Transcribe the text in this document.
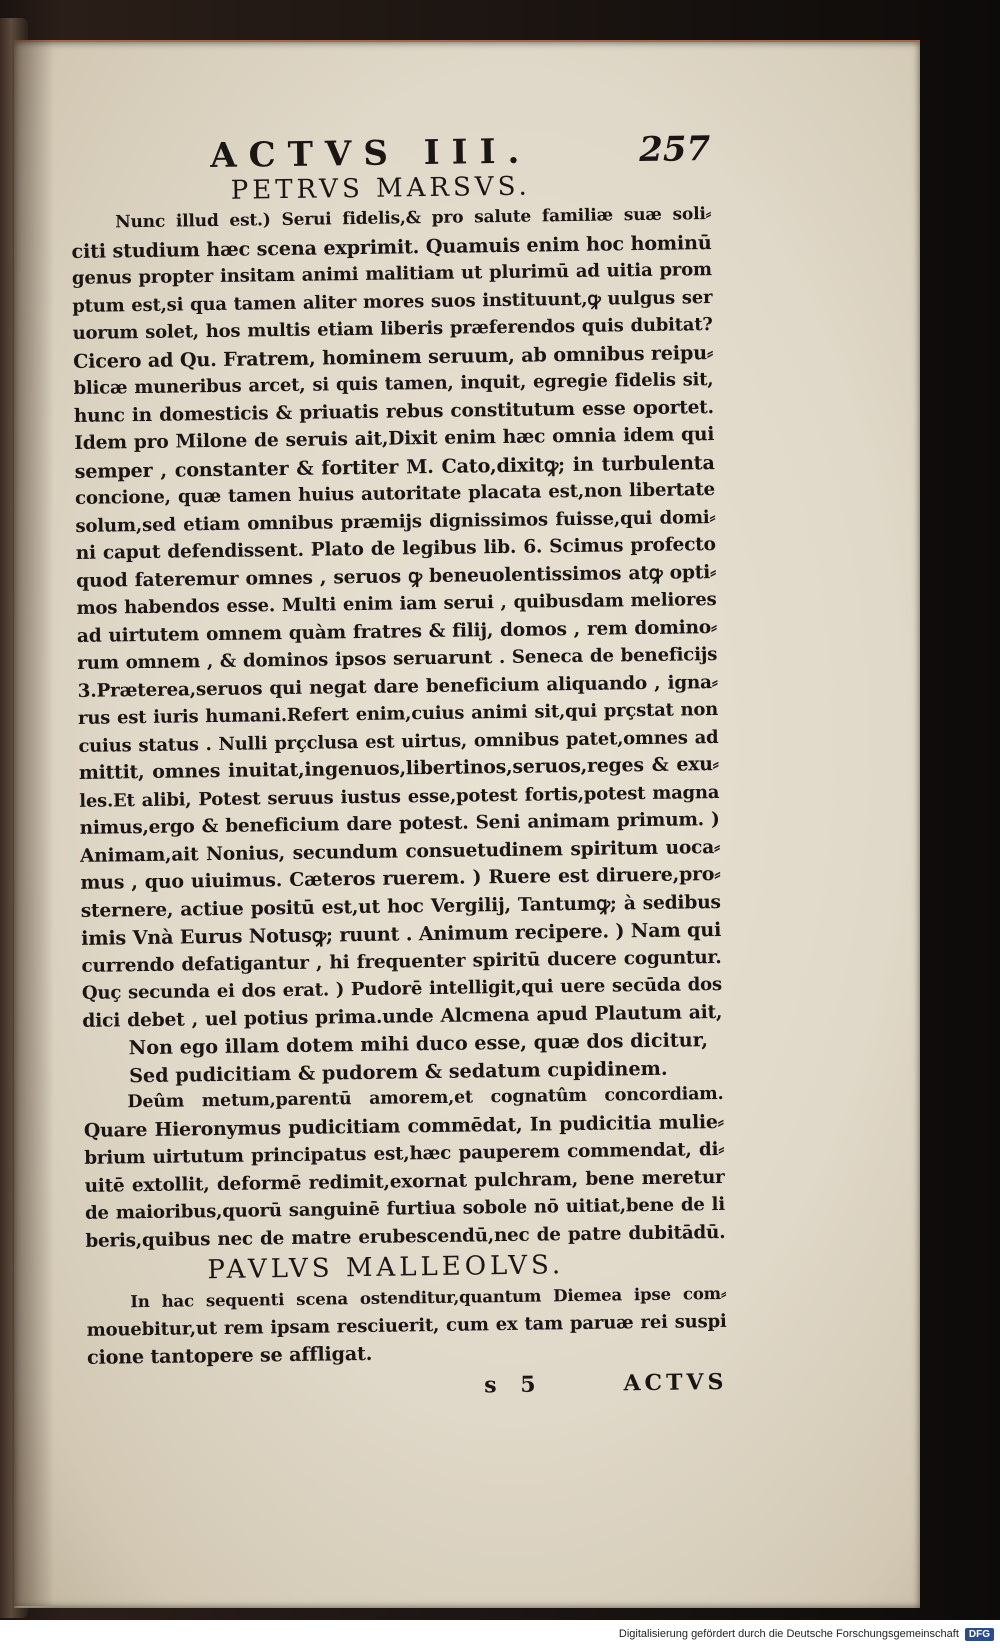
ACTVS III.	257
PETRVS MARSVS.

Nunc illud est.) Serui fidelis,& pro salute familiæ suæ soli⸗
citi studium hæc scena exprimit. Quamuis enim hoc hominū
genus propter insitam animi malitiam ut plurimū ad uitia prom
ptum est,si qua tamen aliter mores suos instituunt,ꝙ uulgus ser
uorum solet, hos multis etiam liberis præferendos quis dubitat?
Cicero ad Qu. Fratrem, hominem seruum, ab omnibus reipu⸗
blicæ muneribus arcet, si quis tamen, inquit, egregie fidelis sit,
hunc in domesticis & priuatis rebus constitutum esse oportet.
Idem pro Milone de seruis ait,Dixit enim hæc omnia idem qui
semper , constanter & fortiter M. Cato,dixitꝙ; in turbulenta
concione, quæ tamen huius autoritate placata est,non libertate
solum,sed etiam omnibus præmijs dignissimos fuisse,qui domi⸗
ni caput defendissent. Plato de legibus lib. 6. Scimus profecto
quod fateremur omnes , seruos ꝙ beneuolentissimos atꝙ opti⸗
mos habendos esse. Multi enim iam serui , quibusdam meliores
ad uirtutem omnem quàm fratres & filij, domos , rem domino⸗
rum omnem , & dominos ipsos seruarunt . Seneca de beneficijs
3.Præterea,seruos qui negat dare beneficium aliquando , igna⸗
rus est iuris humani.Refert enim,cuius animi sit,qui prçstat non
cuius status . Nulli prçclusa est uirtus, omnibus patet,omnes ad
mittit, omnes inuitat,ingenuos,libertinos,seruos,reges & exu⸗
les.Et alibi, Potest seruus iustus esse,potest fortis,potest magna
nimus,ergo & beneficium dare potest. Seni animam primum. )
Animam,ait Nonius, secundum consuetudinem spiritum uoca⸗
mus , quo uiuimus. Cæteros ruerem. ) Ruere est diruere,pro⸗
sternere, actiue positū est,ut hoc Vergilij, Tantumꝙ; à sedibus
imis Vnà Eurus Notusꝙ; ruunt . Animum recipere. ) Nam qui
currendo defatigantur , hi frequenter spiritū ducere coguntur.
Quç secunda ei dos erat. ) Pudorē intelligit,qui uere secūda dos
dici debet , uel potius prima.unde Alcmena apud Plautum ait,

Non ego illam dotem mihi duco esse, quæ dos dicitur,
Sed pudicitiam & pudorem & sedatum cupidinem.

Deûm metum,parentū amorem,et cognatûm concordiam.
Quare Hieronymus pudicitiam commēdat, In pudicitia mulie⸗
brium uirtutum principatus est,hæc pauperem commendat, di⸗
uitē extollit, deformē redimit,exornat pulchram, bene meretur
de maioribus,quorū sanguinē furtiua sobole nō uitiat,bene de li
beris,quibus nec de matre erubescendū,nec de patre dubitādū.

PAVLVS MALLEOLVS.

In hac sequenti scena ostenditur,quantum Diemea ipse com⸗
mouebitur,ut rem ipsam resciuerit, cum ex tam paruæ rei suspi
cione tantopere se affligat.

s 5	ACTVS
Digitalisierung gefördert durch die Deutsche Forschungsgemeinschaft	DFG
